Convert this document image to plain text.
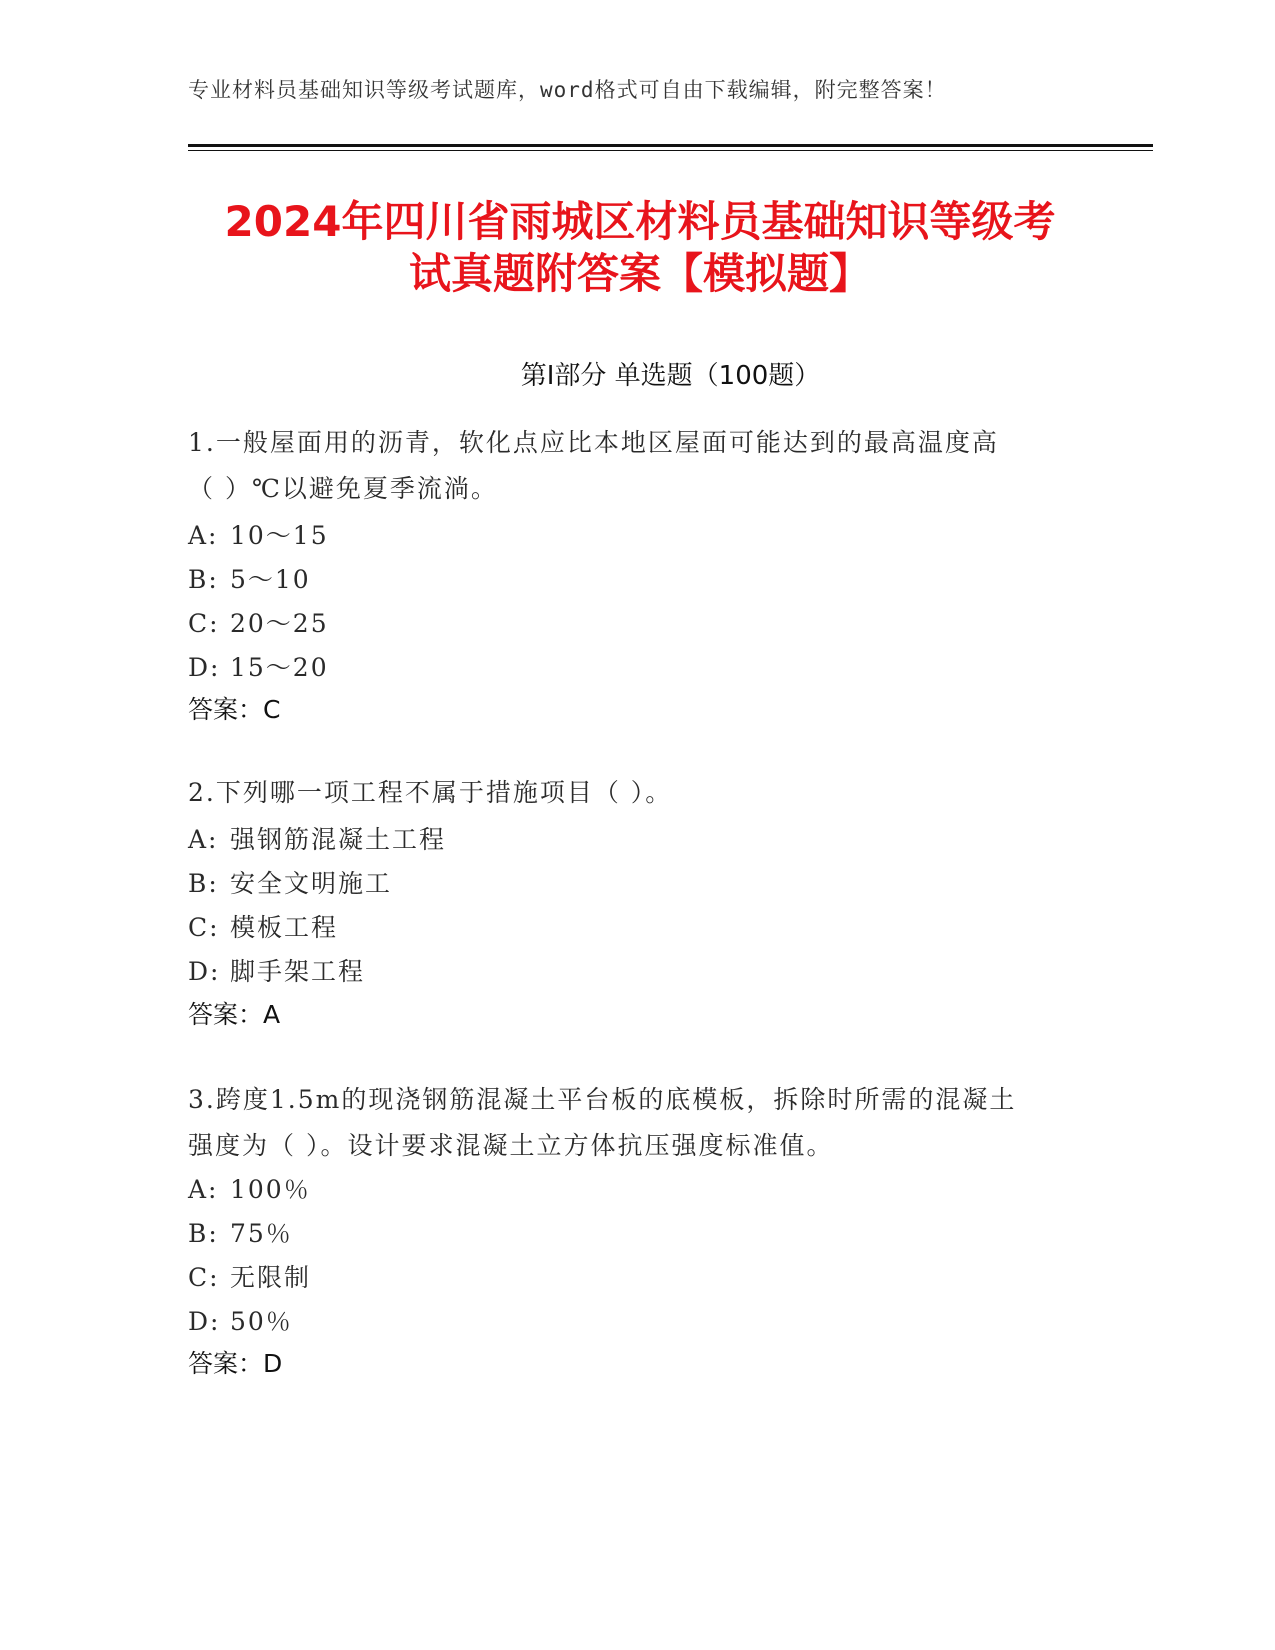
专业材料员基础知识等级考试题库，word格式可自由下载编辑，附完整答案！
2024年四川省雨城区材料员基础知识等级考
试真题附答案【模拟题】
第Ⅰ部分 单选题（100题）
1.一般屋面用的沥青，软化点应比本地区屋面可能达到的最高温度高
（ ）℃以避免夏季流淌。
A: 10～15
B: 5～10
C: 20～25
D: 15～20
答案：C
2.下列哪一项工程不属于措施项目（ ）。
A: 强钢筋混凝土工程
B: 安全文明施工
C: 模板工程
D: 脚手架工程
答案：A
3.跨度1.5m的现浇钢筋混凝土平台板的底模板，拆除时所需的混凝土
强度为（ ）。设计要求混凝土立方体抗压强度标准值。
A: 100％
B: 75％
C: 无限制
D: 50％
答案：D
